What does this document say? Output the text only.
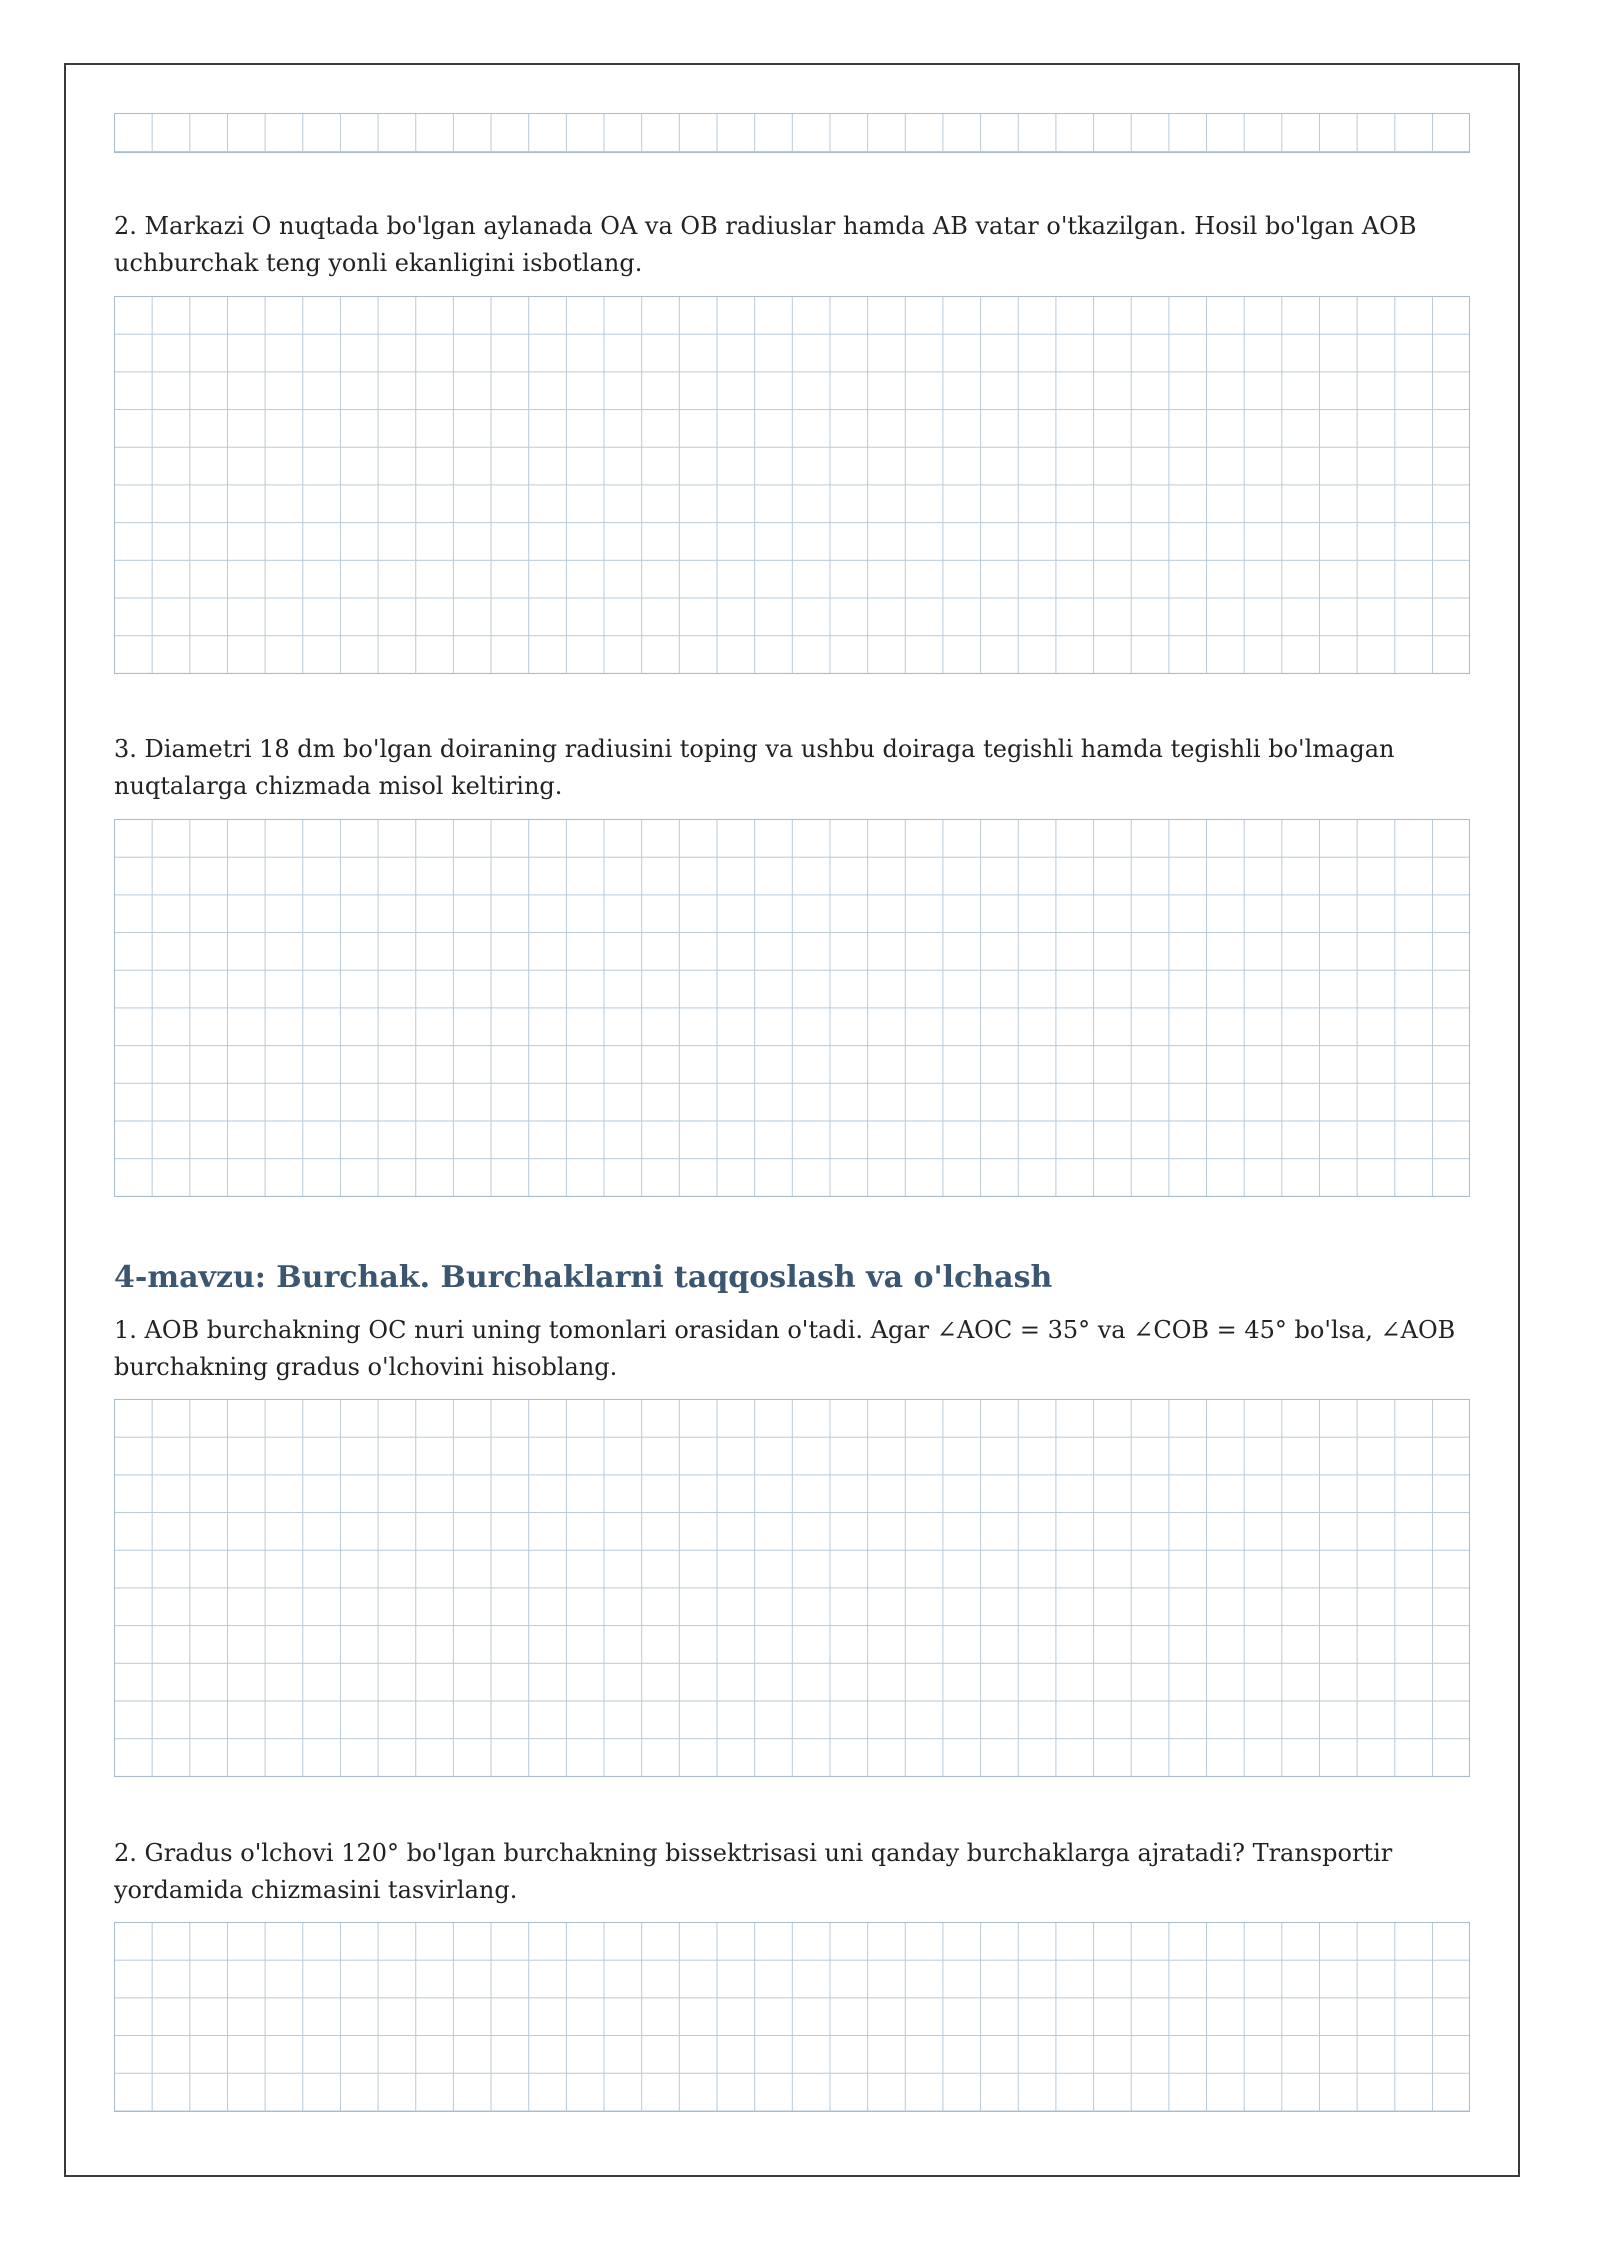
2. Markazi O nuqtada bo'lgan aylanada OA va OB radiuslar hamda AB vatar o'tkazilgan. Hosil bo'lgan AOB uchburchak teng yonli ekanligini isbotlang.

3. Diametri 18 dm bo'lgan doiraning radiusini toping va ushbu doiraga tegishli hamda tegishli bo'lmagan nuqtalarga chizmada misol keltiring.

4-mavzu: Burchak. Burchaklarni taqqoslash va o'lchash

1. AOB burchakning OC nuri uning tomonlari orasidan o'tadi. Agar ∠AOC = 35° va ∠COB = 45° bo'lsa, ∠AOB burchakning gradus o'lchovini hisoblang.

2. Gradus o'lchovi 120° bo'lgan burchakning bissektrisasi uni qanday burchaklarga ajratadi? Transportir yordamida chizmasini tasvirlang.
